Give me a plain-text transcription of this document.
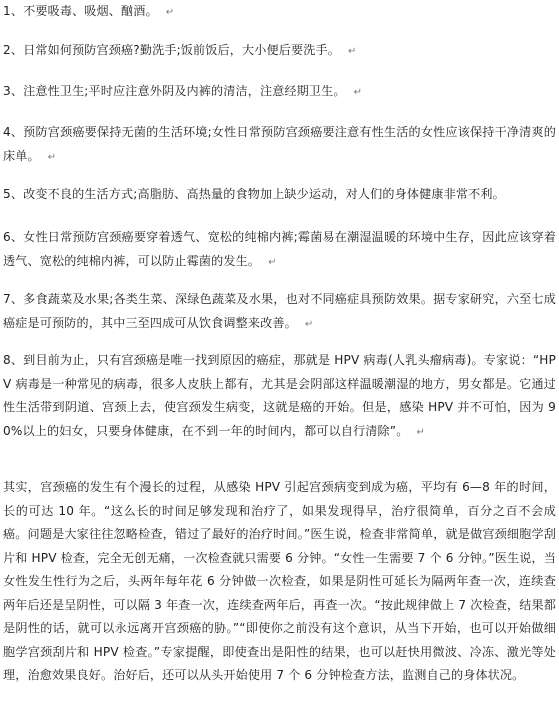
1、不要吸毒、吸烟、酗酒。 ↵

2、日常如何预防宫颈癌?勤洗手;饭前饭后，大小便后要洗手。 ↵

3、注意性卫生;平时应注意外阴及内裤的清洁，注意经期卫生。 ↵

4、预防宫颈癌要保持无菌的生活环境;女性日常预防宫颈癌要注意有性生活的女性应该保持干净清爽的床单。 ↵

5、改变不良的生活方式;高脂肪、高热量的食物加上缺少运动，对人们的身体健康非常不利。

6、女性日常预防宫颈癌要穿着透气、宽松的纯棉内裤;霉菌易在潮湿温暖的环境中生存，因此应该穿着透气、宽松的纯棉内裤，可以防止霉菌的发生。 ↵

7、多食蔬菜及水果;各类生菜、深绿色蔬菜及水果，也对不同癌症具预防效果。据专家研究，六至七成癌症是可预防的，其中三至四成可从饮食调整来改善。 ↵

8、到目前为止，只有宫颈癌是唯一找到原因的癌症，那就是 HPV 病毒(人乳头瘤病毒)。专家说：“HPV 病毒是一种常见的病毒，很多人皮肤上都有，尤其是会阴部这样温暖潮湿的地方，男女都是。它通过性生活带到阴道、宫颈上去，使宫颈发生病变，这就是癌的开始。但是，感染 HPV 并不可怕，因为 90%以上的妇女，只要身体健康，在不到一年的时间内，都可以自行清除”。 ↵

其实，宫颈癌的发生有个漫长的过程，从感染 HPV 引起宫颈病变到成为癌，平均有 6—8 年的时间，长的可达 10 年。“这么长的时间足够发现和治疗了，如果发现得早，治疗很简单，百分之百不会成癌。问题是大家往往忽略检查，错过了最好的治疗时间。”医生说，检查非常简单，就是做宫颈细胞学刮片和 HPV 检查，完全无创无痛，一次检查就只需要 6 分钟。“女性一生需要 7 个 6 分钟。”医生说，当女性发生性行为之后，头两年每年花 6 分钟做一次检查，如果是阴性可延长为隔两年查一次，连续查两年后还是呈阴性，可以隔 3 年查一次，连续查两年后，再查一次。“按此规律做上 7 次检查，结果都是阴性的话，就可以永远离开宫颈癌的胁。”“即使你之前没有这个意识，从当下开始，也可以开始做细胞学宫颈刮片和 HPV 检查。”专家提醒，即使查出是阳性的结果，也可以赶快用微波、冷冻、激光等处理，治愈效果良好。治好后，还可以从头开始使用 7 个 6 分钟检查方法，监测自己的身体状况。
